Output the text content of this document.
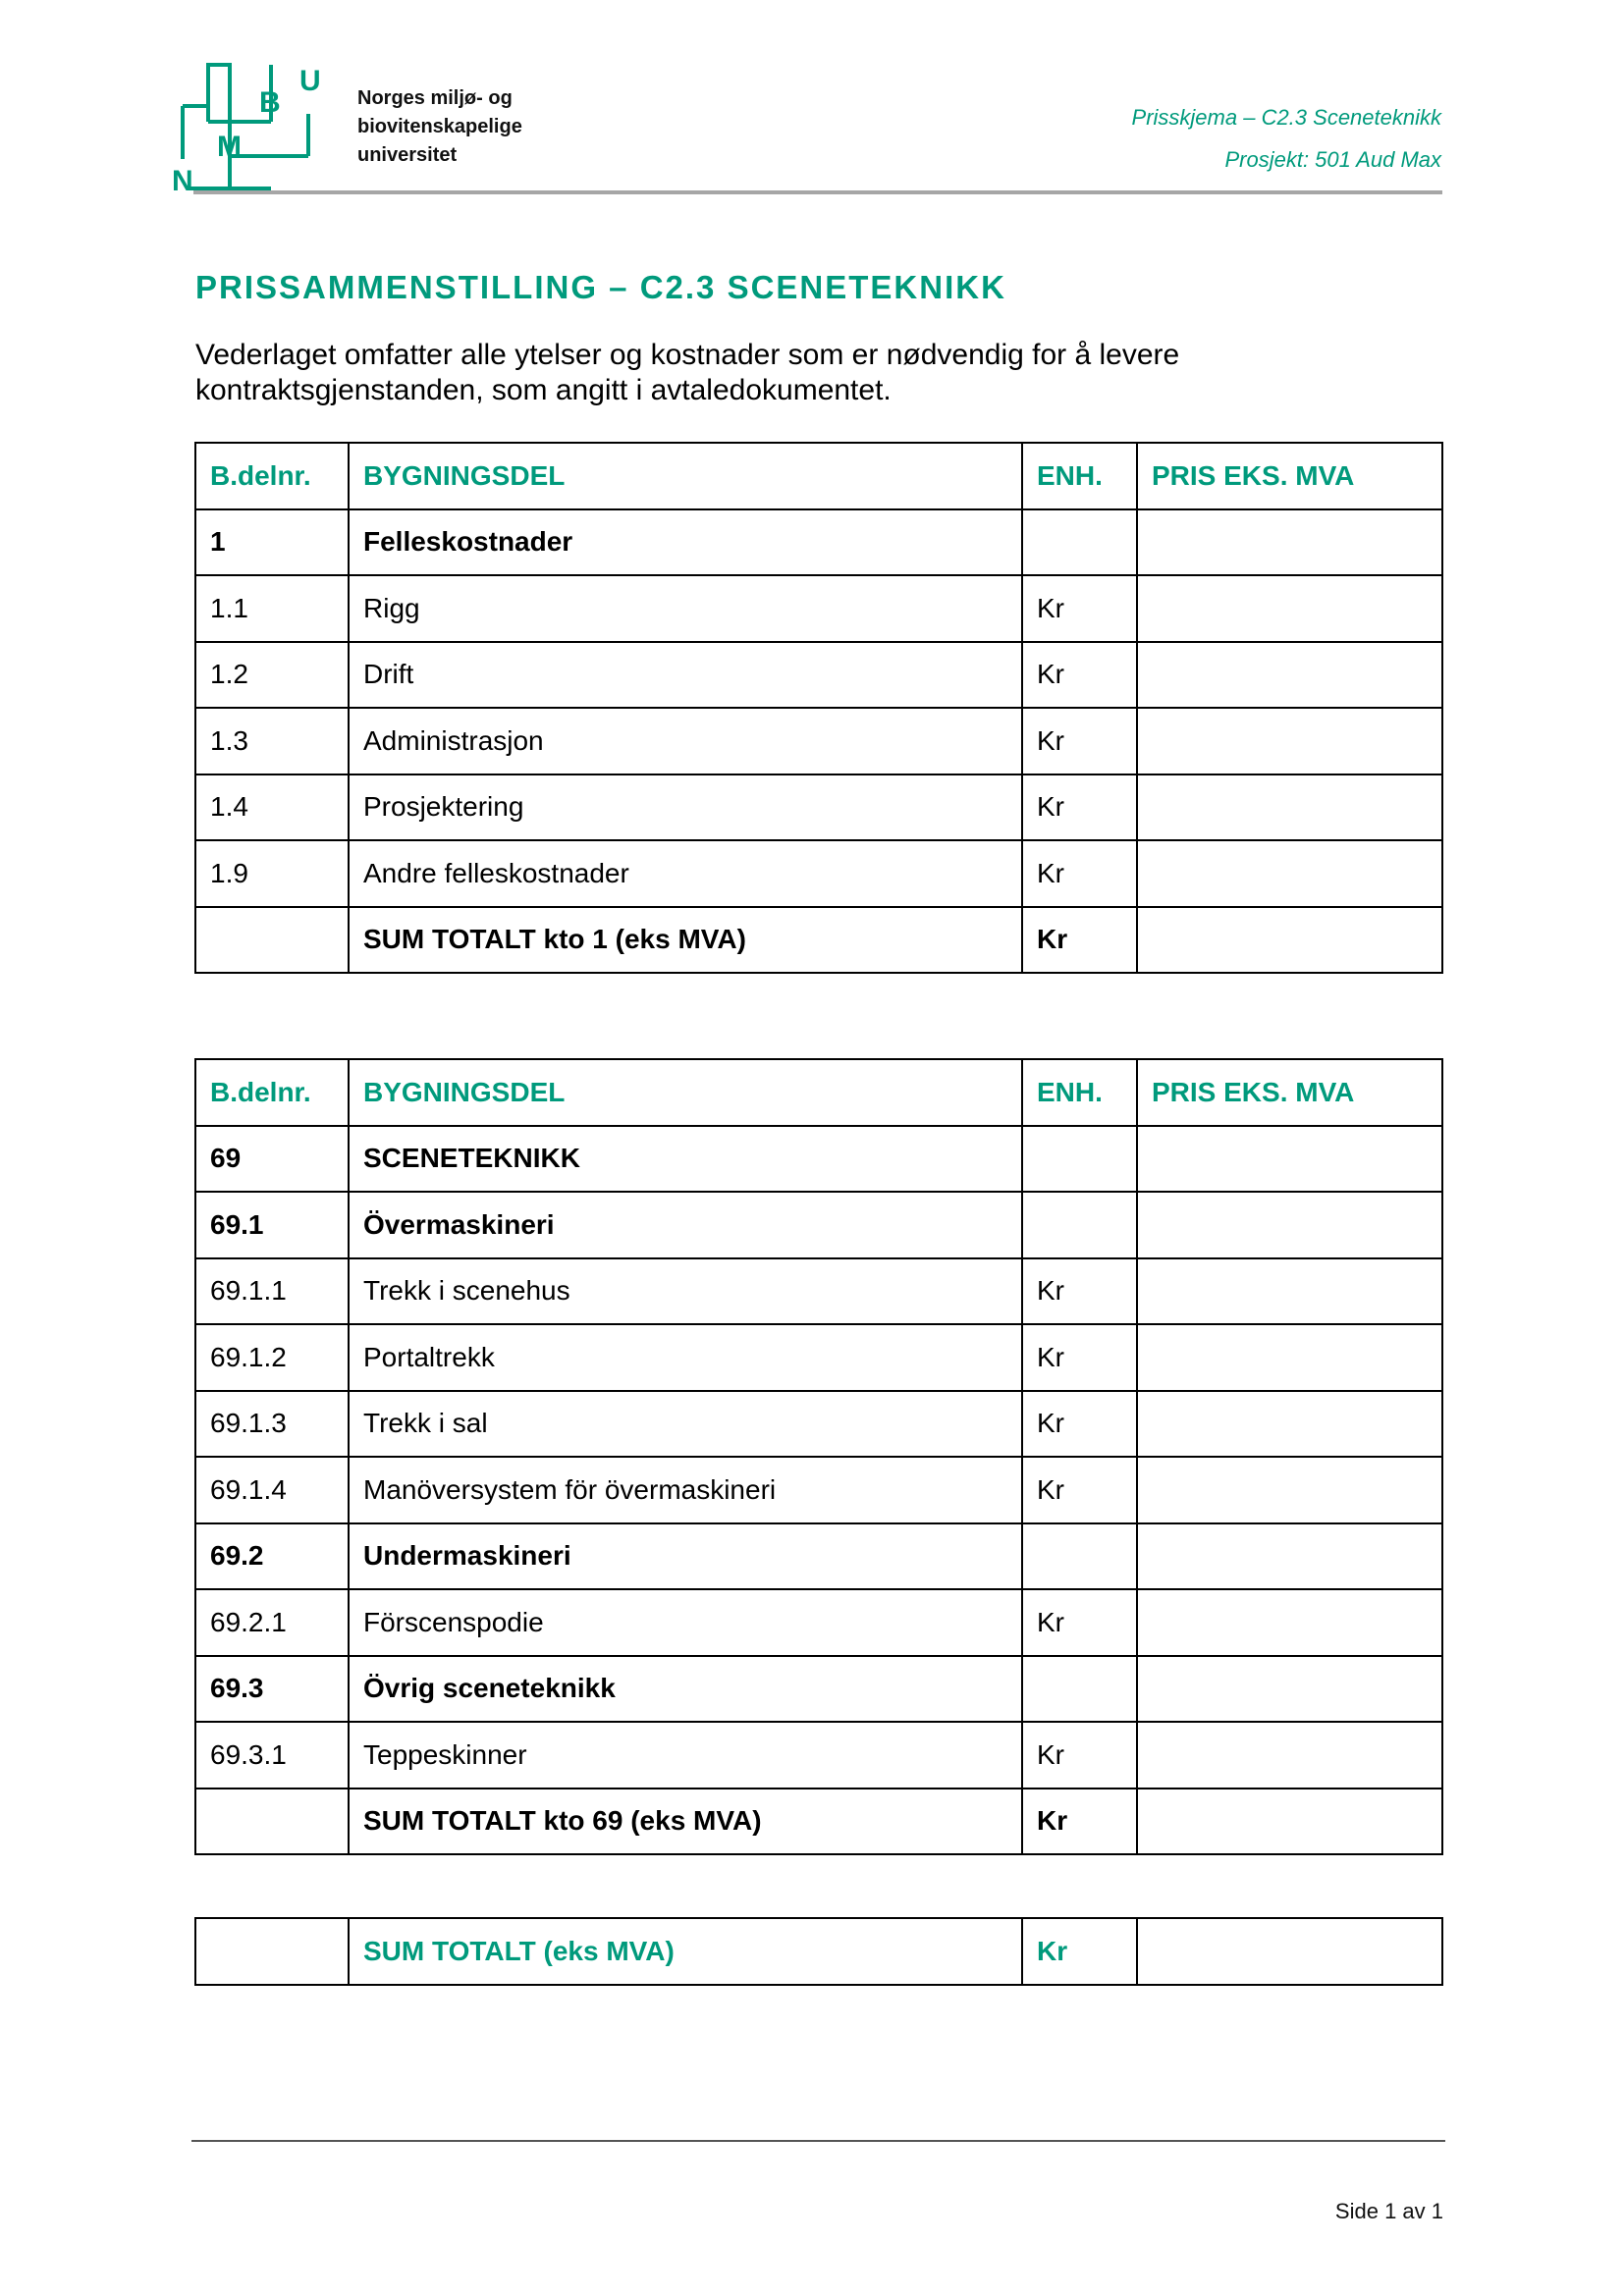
N
M
B
U
Norges miljø- og
biovitenskapelige
universitet
Prisskjema – C2.3 Sceneteknikk
Prosjekt: 501 Aud Max
PRISSAMMENSTILLING – C2.3 SCENETEKNIKK
Vederlaget omfatter alle ytelser og kostnader som er nødvendig for å levere kontraktsgjenstanden, som angitt i avtaledokumentet.
B.delnr.	BYGNINGSDEL	ENH.	PRIS EKS. MVA
1	Felleskostnader		
1.1	Rigg	Kr	
1.2	Drift	Kr	
1.3	Administrasjon	Kr	
1.4	Prosjektering	Kr	
1.9	Andre felleskostnader	Kr	
	SUM TOTALT kto 1 (eks MVA)	Kr	
B.delnr.	BYGNINGSDEL	ENH.	PRIS EKS. MVA
69	SCENETEKNIKK		
69.1	Övermaskineri		
69.1.1	Trekk i scenehus	Kr	
69.1.2	Portaltrekk	Kr	
69.1.3	Trekk i sal	Kr	
69.1.4	Manöversystem för övermaskineri	Kr	
69.2	Undermaskineri		
69.2.1	Förscenspodie	Kr	
69.3	Övrig sceneteknikk		
69.3.1	Teppeskinner	Kr	
	SUM TOTALT kto 69 (eks MVA)	Kr	
	SUM TOTALT (eks MVA)	Kr	
Side 1 av 1
